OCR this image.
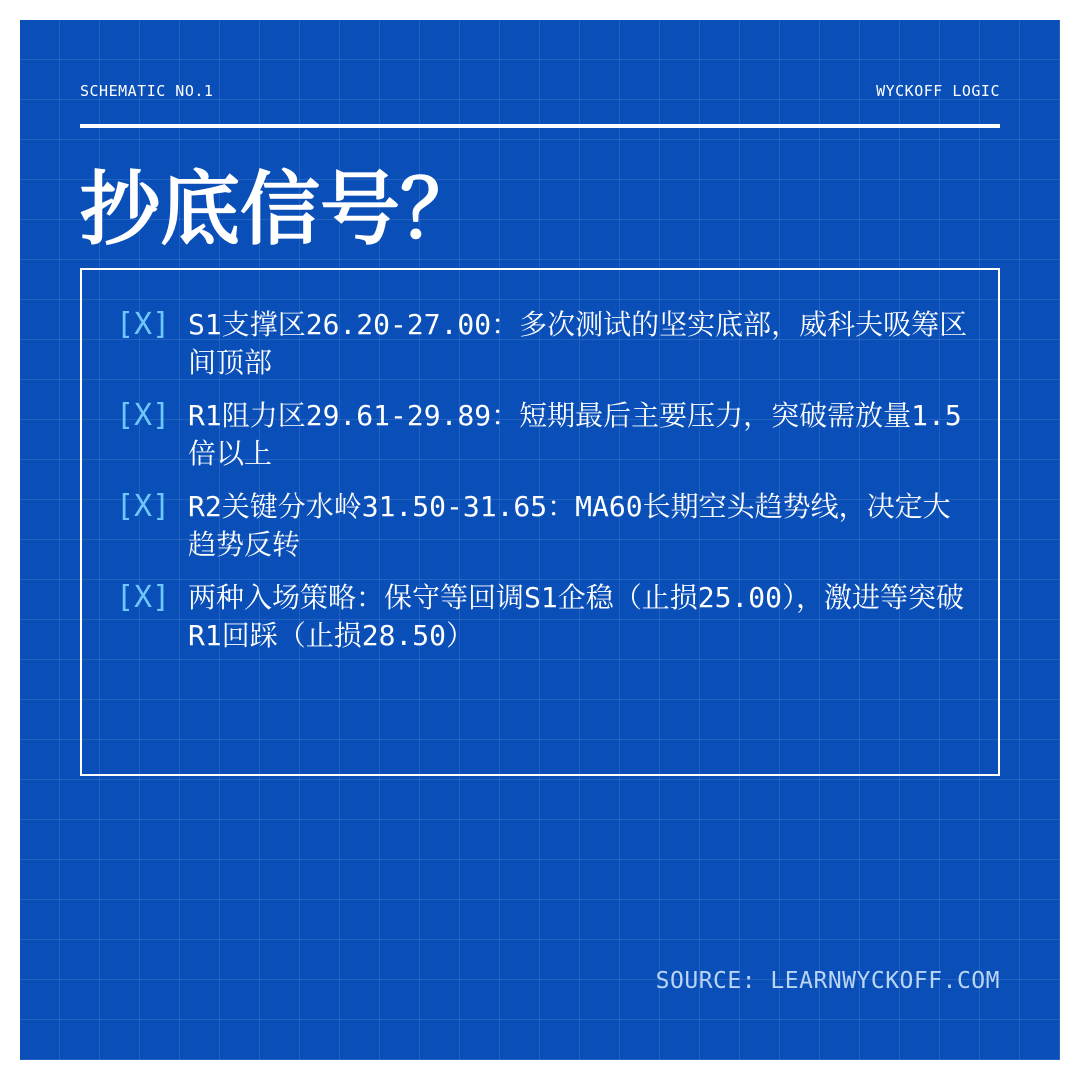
SCHEMATIC NO.1	WYCKOFF LOGIC
抄底信号？
[X] S1支撑区26.20-27.00：多次测试的坚实底部，威科夫吸筹区间顶部
[X] R1阻力区29.61-29.89：短期最后主要压力，突破需放量1.5倍以上
[X] R2关键分水岭31.50-31.65：MA60长期空头趋势线，决定大趋势反转
[X] 两种入场策略：保守等回调S1企稳（止损25.00），激进等突破R1回踩（止损28.50）
SOURCE: LEARNWYCKOFF.COM
